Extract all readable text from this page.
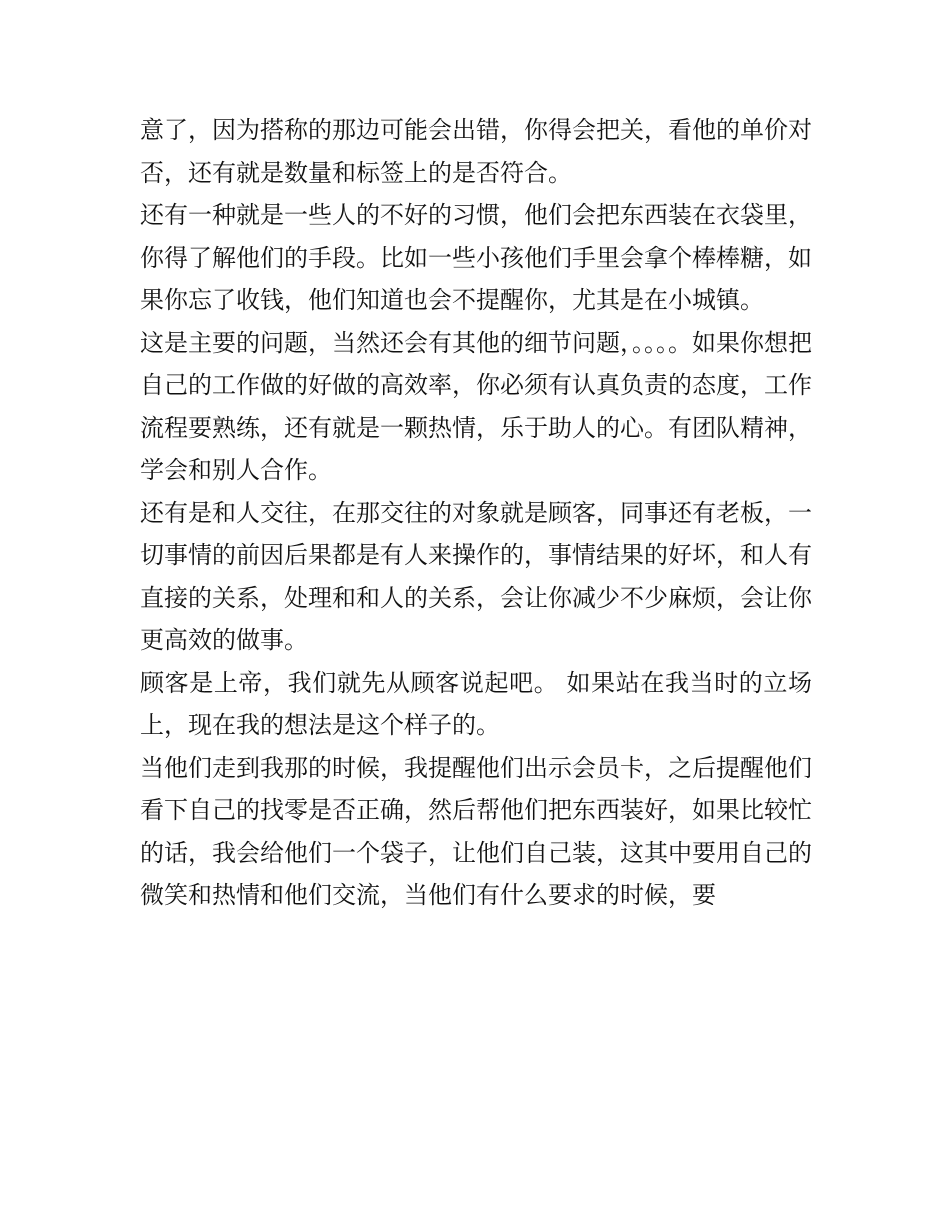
意了，因为搭称的那边可能会出错，你得会把关，看他的单价对否，还有就是数量和标签上的是否符合。

还有一种就是一些人的不好的习惯，他们会把东西装在衣袋里，你得了解他们的手段。比如一些小孩他们手里会拿个棒棒糖，如果你忘了收钱，他们知道也会不提醒你，尤其是在小城镇。

这是主要的问题，当然还会有其他的细节问题，。。。。如果你想把自己的工作做的好做的高效率，你必须有认真负责的态度，工作流程要熟练，还有就是一颗热情，乐于助人的心。有团队精神，学会和别人合作。

还有是和人交往，在那交往的对象就是顾客，同事还有老板，一切事情的前因后果都是有人来操作的，事情结果的好坏，和人有直接的关系，处理和和人的关系，会让你减少不少麻烦，会让你更高效的做事。

顾客是上帝，我们就先从顾客说起吧。 如果站在我当时的立场上，现在我的想法是这个样子的。

当他们走到我那的时候，我提醒他们出示会员卡，之后提醒他们看下自己的找零是否正确，然后帮他们把东西装好，如果比较忙的话，我会给他们一个袋子，让他们自己装，这其中要用自己的微笑和热情和他们交流，当他们有什么要求的时候，要
